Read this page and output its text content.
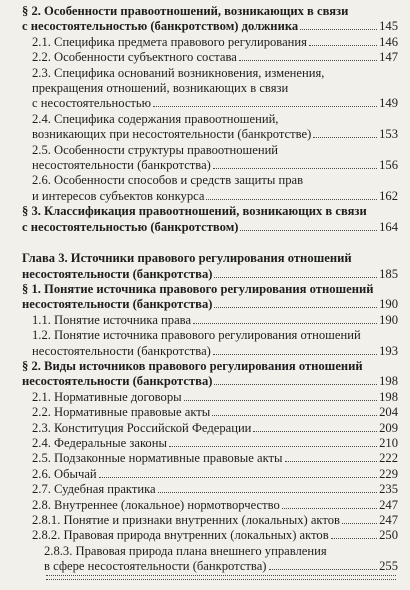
§ 2. Особенности правоотношений, возникающих в связи
с несостоятельностью (банкротством) должника	145
2.1. Специфика предмета правового регулирования	146
2.2. Особенности субъектного состава	147
2.3. Специфика оснований возникновения, изменения,
прекращения отношений, возникающих в связи
с несостоятельностью	149
2.4. Специфика содержания правоотношений,
возникающих при несостоятельности (банкротстве)	153
2.5. Особенности структуры правоотношений
несостоятельности (банкротства)	156
2.6. Особенности способов и средств защиты прав
и интересов субъектов конкурса	162
§ 3. Классификация правоотношений, возникающих в связи
с несостоятельностью (банкротством)	164
Глава 3. Источники правового регулирования отношений
несостоятельности (банкротства)	185
§ 1. Понятие источника правового регулирования отношений
несостоятельности (банкротства)	190
1.1. Понятие источника права	190
1.2. Понятие источника правового регулирования отношений
несостоятельности (банкротства)	193
§ 2. Виды источников правового регулирования отношений
несостоятельности (банкротства)	198
2.1. Нормативные договоры	198
2.2. Нормативные правовые акты	204
2.3. Конституция Российской Федерации	209
2.4. Федеральные законы	210
2.5. Подзаконные нормативные правовые акты	222
2.6. Обычай	229
2.7. Судебная практика	235
2.8. Внутреннее (локальное) нормотворчество	247
2.8.1. Понятие и признаки внутренних (локальных) актов	247
2.8.2. Правовая природа внутренних (локальных) актов	250
2.8.3. Правовая природа плана внешнего управления
в сфере несостоятельности (банкротства)	255
